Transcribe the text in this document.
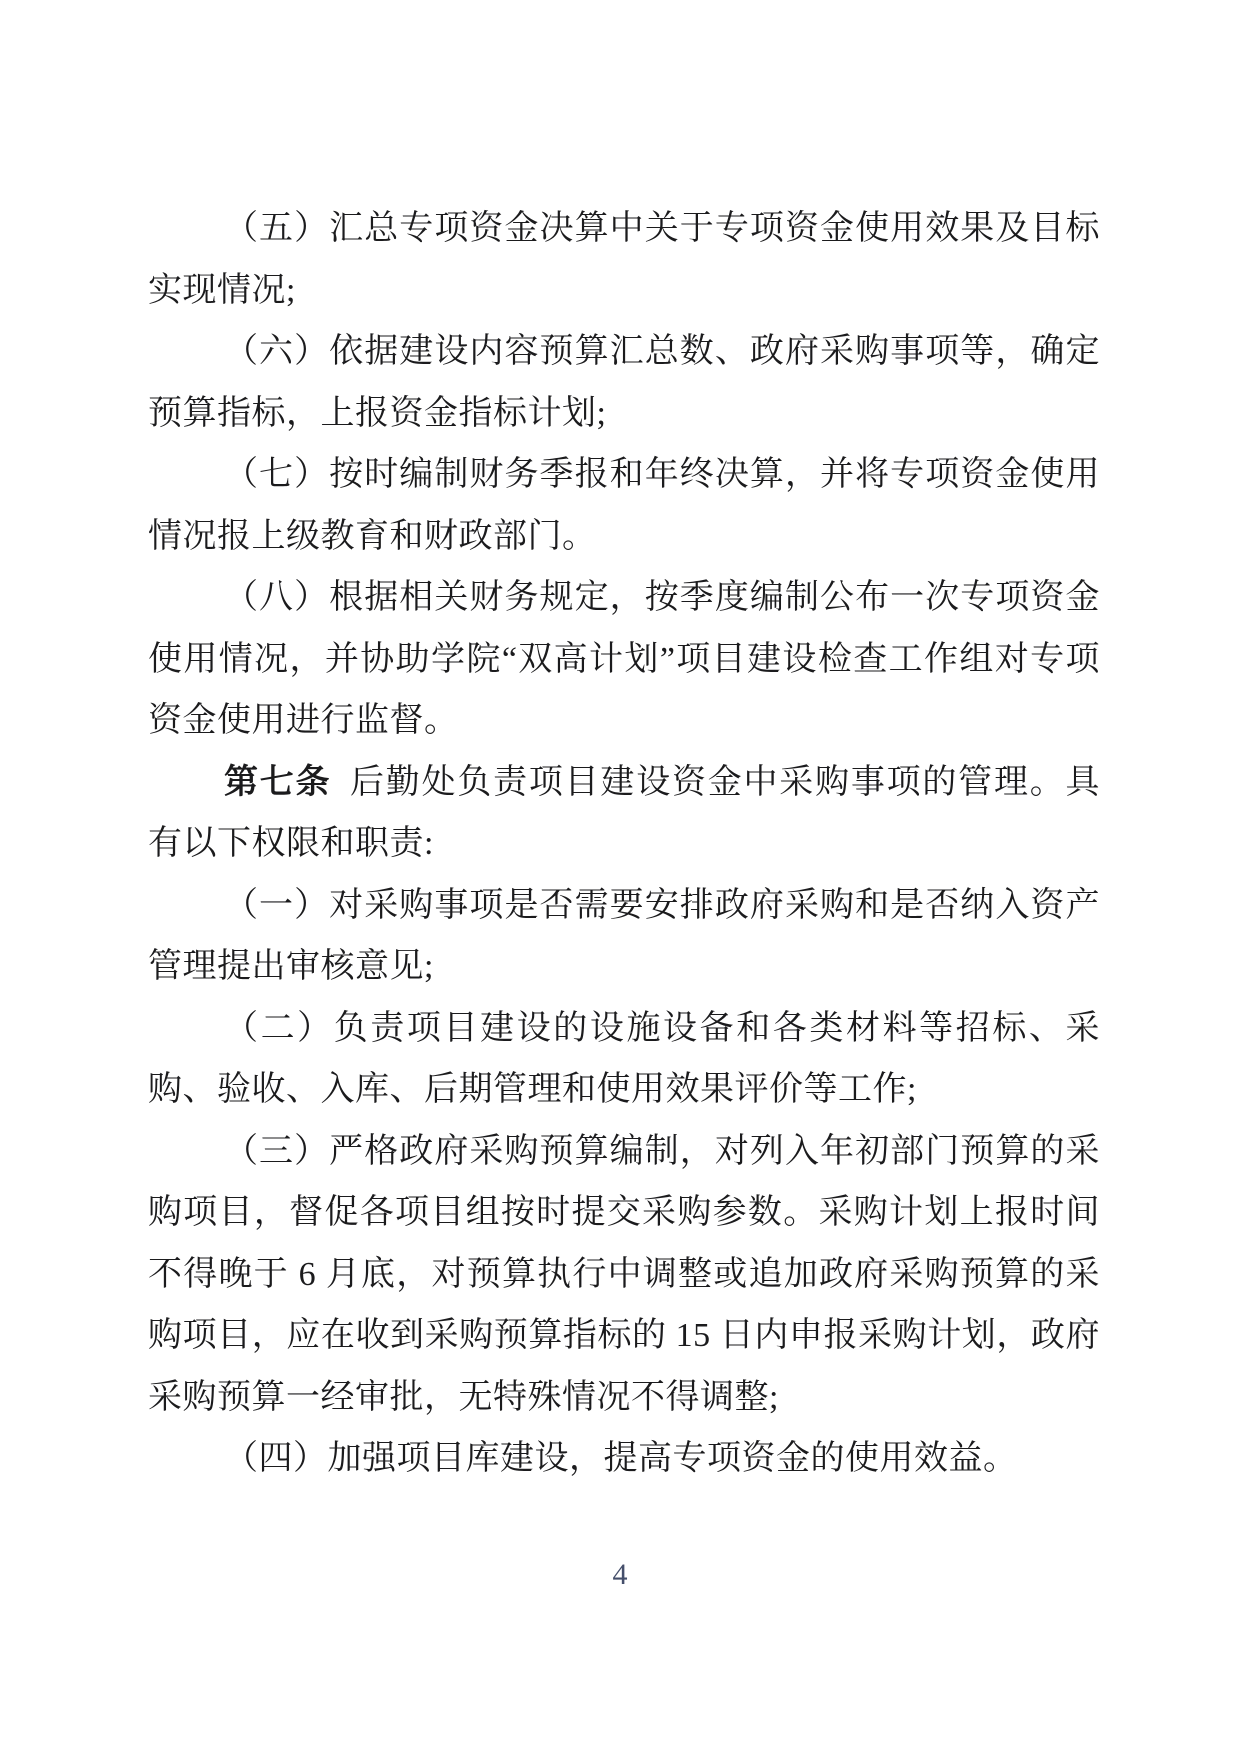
（五）汇总专项资金决算中关于专项资金使用效果及目标实现情况;

（六）依据建设内容预算汇总数、政府采购事项等，确定预算指标，上报资金指标计划;

（七）按时编制财务季报和年终决算，并将专项资金使用情况报上级教育和财政部门。

（八）根据相关财务规定，按季度编制公布一次专项资金使用情况，并协助学院“双高计划”项目建设检查工作组对专项资金使用进行监督。

第七条 后勤处负责项目建设资金中采购事项的管理。具有以下权限和职责:

（一）对采购事项是否需要安排政府采购和是否纳入资产管理提出审核意见;

（二）负责项目建设的设施设备和各类材料等招标、采购、验收、入库、后期管理和使用效果评价等工作;

（三）严格政府采购预算编制，对列入年初部门预算的采购项目，督促各项目组按时提交采购参数。采购计划上报时间不得晚于 6 月底，对预算执行中调整或追加政府采购预算的采购项目，应在收到采购预算指标的 15 日内申报采购计划，政府采购预算一经审批，无特殊情况不得调整;

（四）加强项目库建设，提高专项资金的使用效益。

4
